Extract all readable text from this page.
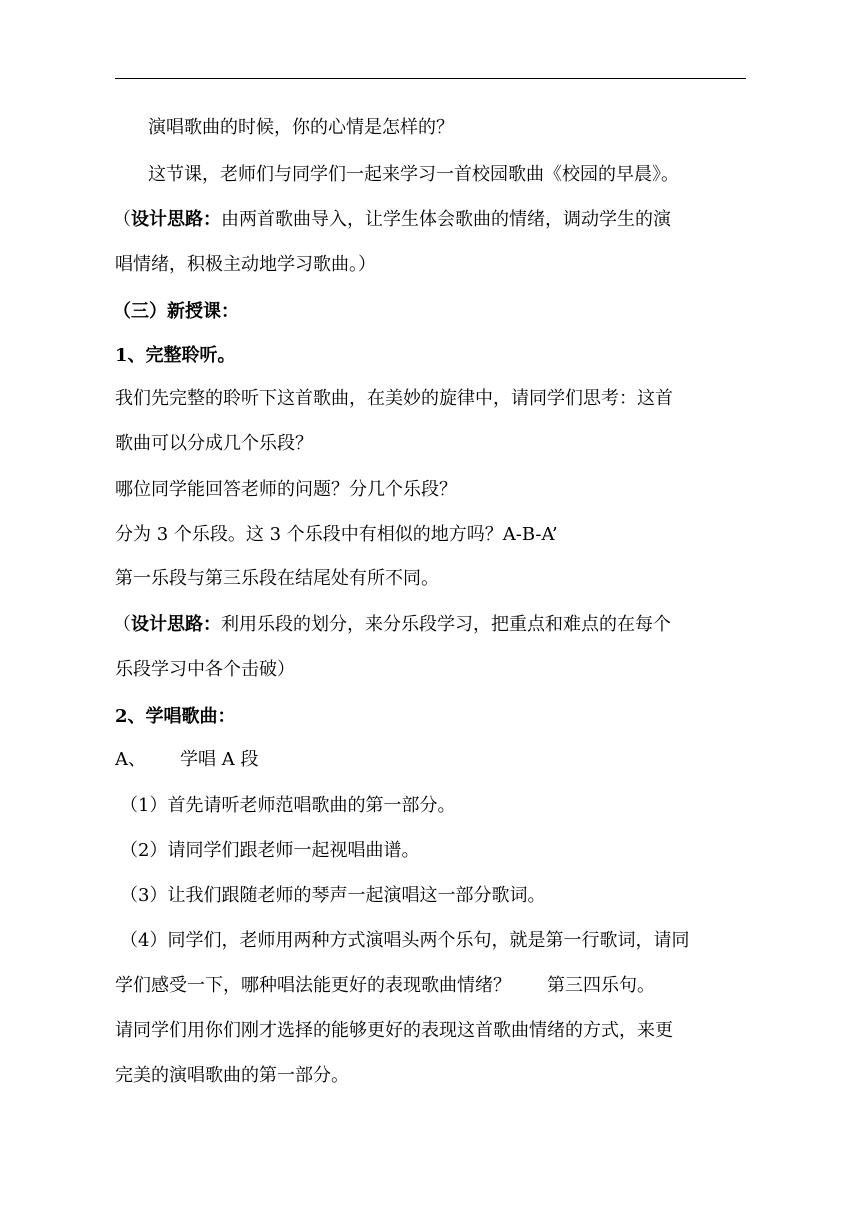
演唱歌曲的时候，你的心情是怎样的？
这节课，老师们与同学们一起来学习一首校园歌曲《校园的早晨》。
（设计思路：由两首歌曲导入，让学生体会歌曲的情绪，调动学生的演
唱情绪，积极主动地学习歌曲。）
（三）新授课：
1、完整聆听。
我们先完整的聆听下这首歌曲，在美妙的旋律中，请同学们思考：这首
歌曲可以分成几个乐段？
哪位同学能回答老师的问题？分几个乐段？
分为 3 个乐段。这 3 个乐段中有相似的地方吗？A-B-A’
第一乐段与第三乐段在结尾处有所不同。
（设计思路：利用乐段的划分，来分乐段学习，把重点和难点的在每个
乐段学习中各个击破）
2、学唱歌曲：
A、 学唱 A 段
（1）首先请听老师范唱歌曲的第一部分。
（2）请同学们跟老师一起视唱曲谱。
（3）让我们跟随老师的琴声一起演唱这一部分歌词。
（4）同学们，老师用两种方式演唱头两个乐句，就是第一行歌词，请同
学们感受一下，哪种唱法能更好的表现歌曲情绪？ 第三四乐句。
请同学们用你们刚才选择的能够更好的表现这首歌曲情绪的方式，来更
完美的演唱歌曲的第一部分。
